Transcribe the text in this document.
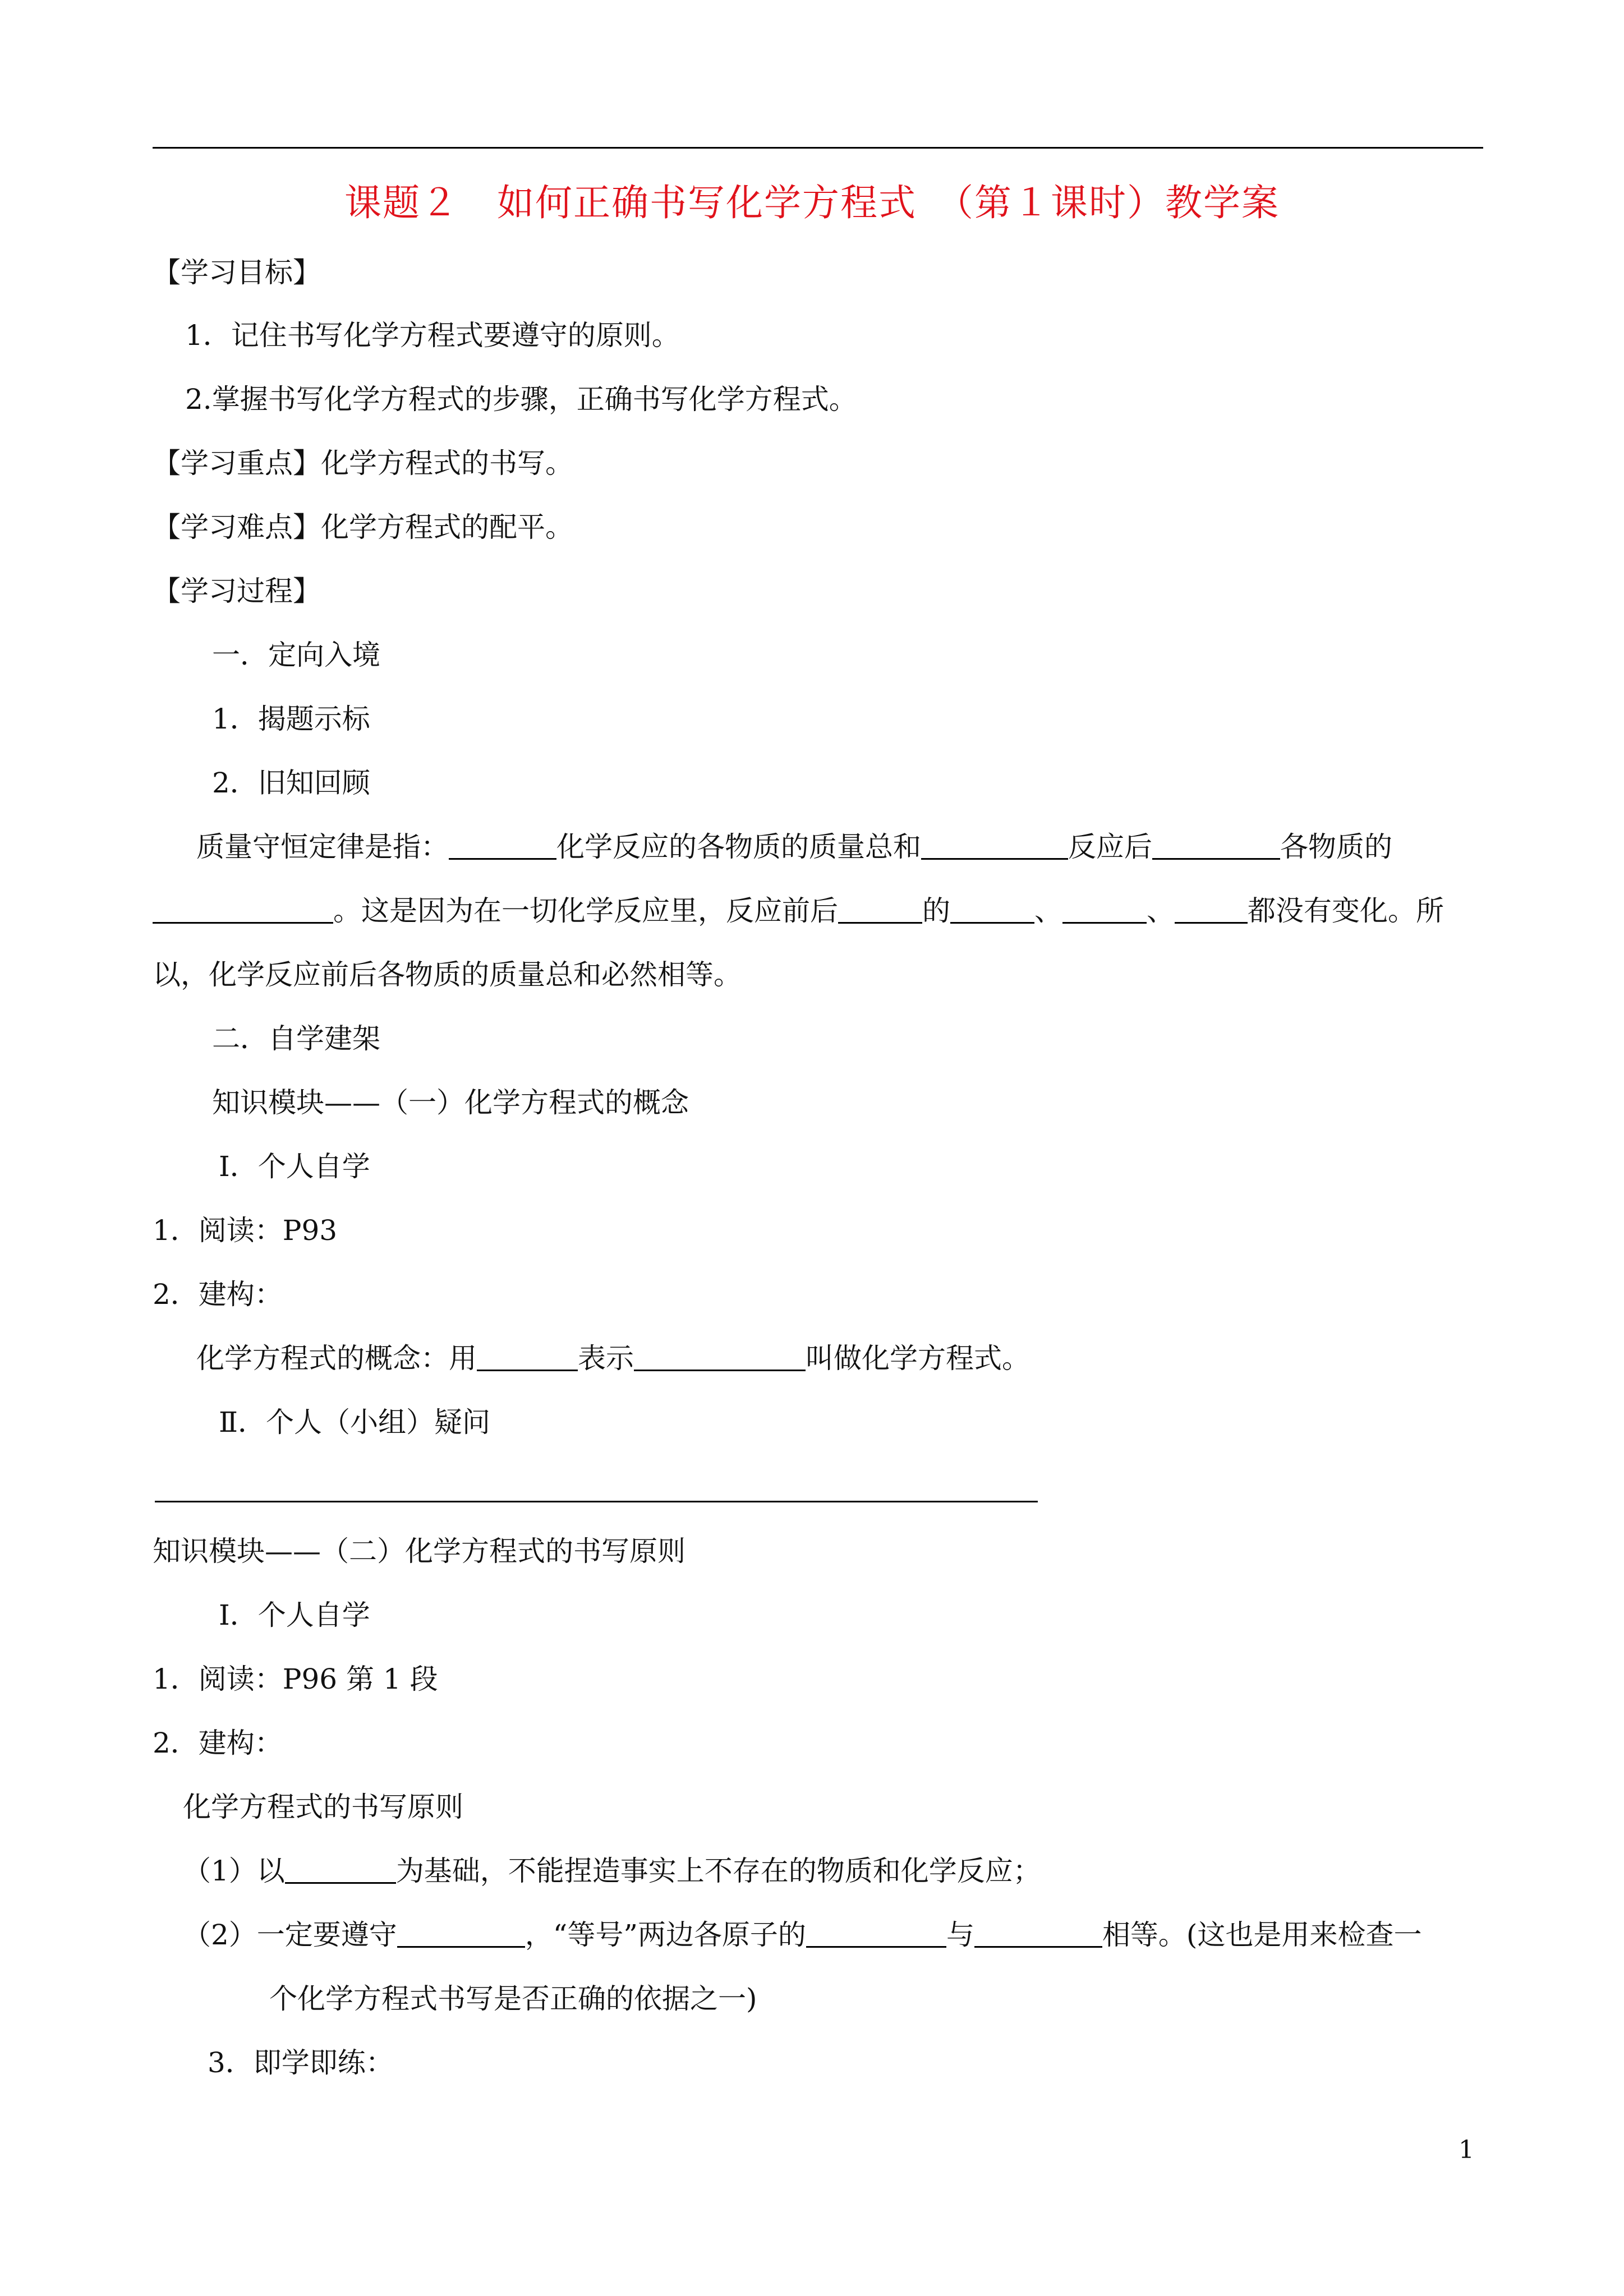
课题２　如何正确书写化学方程式　（第１课时）教学案
【学习目标】
1．记住书写化学方程式要遵守的原则。
2.掌握书写化学方程式的步骤，正确书写化学方程式。
【学习重点】化学方程式的书写。
【学习难点】化学方程式的配平。
【学习过程】
一．定向入境
1．揭题示标
2．旧知回顾
质量守恒定律是指：	化学反应的各物质的质量总和	反应后	各物质的
。这是因为在一切化学反应里，反应前后	的	、	、	都没有变化。所
以，化学反应前后各物质的质量总和必然相等。
二．自学建架
知识模块——（一）化学方程式的概念
Ⅰ．个人自学
1．阅读：P93
2．建构：
化学方程式的概念：用	表示	叫做化学方程式。
Ⅱ．个人（小组）疑问
知识模块——（二）化学方程式的书写原则
Ⅰ．个人自学
1．阅读：P96 第 1 段
2．建构：
化学方程式的书写原则
（1）以	为基础，不能捏造事实上不存在的物质和化学反应；
（2）一定要遵守	，“等号”两边各原子的	与	相等。(这也是用来检查一
个化学方程式书写是否正确的依据之一)
3．即学即练：
1
